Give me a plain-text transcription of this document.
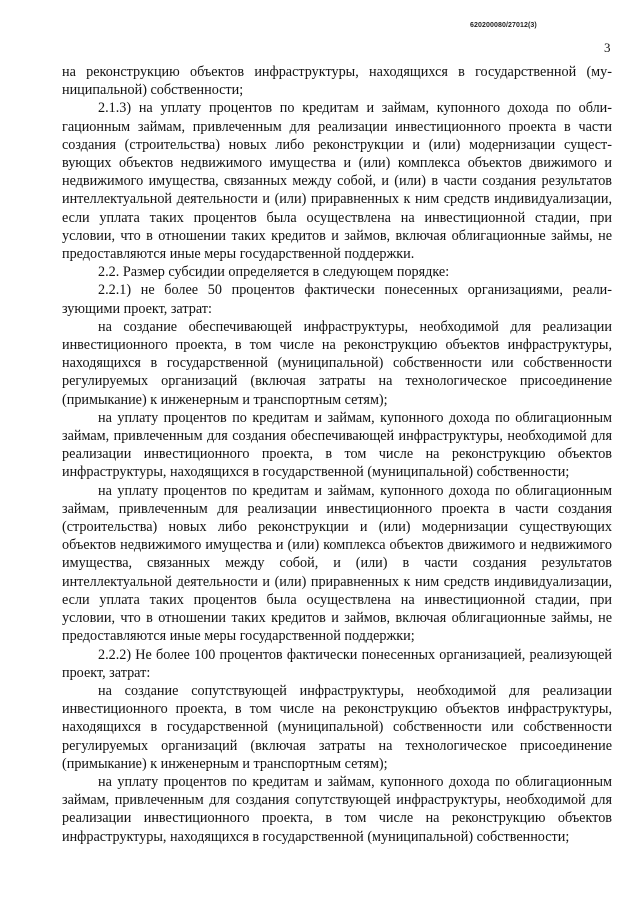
620200080/27012(3)
3

на реконструкцию объектов инфраструктуры, находящихся в государственной (муниципальной) собственности;

2.1.3) на уплату процентов по кредитам и займам, купонного дохода по облигационным займам, привлеченным для реализации инвестиционного проекта в части создания (строительства) новых либо реконструкции и (или) модернизации существующих объектов недвижимого имущества и (или) комплекса объектов движимого и недвижимого имущества, связанных между собой, и (или) в части создания результатов интеллектуальной деятельности и (или) приравненных к ним средств индивидуализации, если уплата таких процентов была осуществлена на инвестиционной стадии, при условии, что в отношении таких кредитов и займов, включая облигационные займы, не предоставляются иные меры государственной поддержки.

2.2. Размер субсидии определяется в следующем порядке:

2.2.1) не более 50 процентов фактически понесенных организациями, реализующими проект, затрат:

на создание обеспечивающей инфраструктуры, необходимой для реализации инвестиционного проекта, в том числе на реконструкцию объектов инфраструктуры, находящихся в государственной (муниципальной) собственности или собственности регулируемых организаций (включая затраты на технологическое присоединение (примыкание) к инженерным и транспортным сетям);

на уплату процентов по кредитам и займам, купонного дохода по облигационным займам, привлеченным для создания обеспечивающей инфраструктуры, необходимой для реализации инвестиционного проекта, в том числе на реконструкцию объектов инфраструктуры, находящихся в государственной (муниципальной) собственности;

на уплату процентов по кредитам и займам, купонного дохода по облигационным займам, привлеченным для реализации инвестиционного проекта в части создания (строительства) новых либо реконструкции и (или) модернизации существующих объектов недвижимого имущества и (или) комплекса объектов движимого и недвижимого имущества, связанных между собой, и (или) в части создания результатов интеллектуальной деятельности и (или) приравненных к ним средств индивидуализации, если уплата таких процентов была осуществлена на инвестиционной стадии, при условии, что в отношении таких кредитов и займов, включая облигационные займы, не предоставляются иные меры государственной поддержки;

2.2.2) Не более 100 процентов фактически понесенных организацией, реализующей проект, затрат:

на создание сопутствующей инфраструктуры, необходимой для реализации инвестиционного проекта, в том числе на реконструкцию объектов инфраструктуры, находящихся в государственной (муниципальной) собственности или собственности регулируемых организаций (включая затраты на технологическое присоединение (примыкание) к инженерным и транспортным сетям);

на уплату процентов по кредитам и займам, купонного дохода по облигационным займам, привлеченным для создания сопутствующей инфраструктуры, необходимой для реализации инвестиционного проекта, в том числе на реконструкцию объектов инфраструктуры, находящихся в государственной (муниципальной) собственности;
